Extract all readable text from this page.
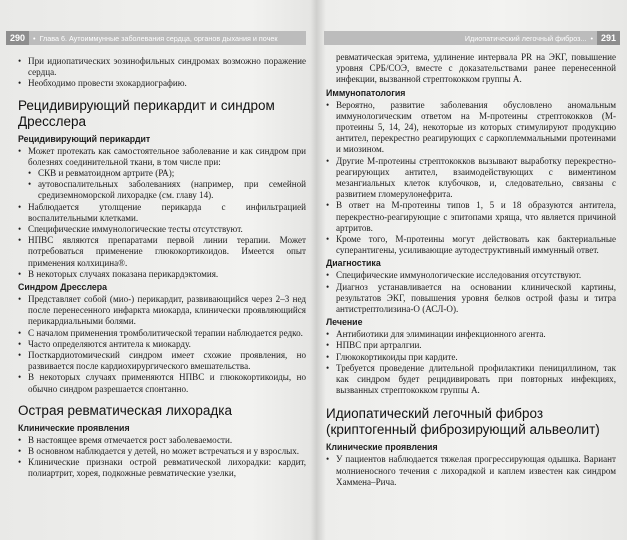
290 • Глава 6. Аутоиммунные заболевания сердца, органов дыхания и почек
• При идиопатических эозинофильных синдромах возможно поражение сердца.
• Необходимо провести эхокардиографию.
Рецидивирующий перикардит и синдром Дресслера
Рецидивирующий перикардит
• Может протекать как самостоятельное заболевание и как синдром при болезнях соединительной ткани, в том числе при:
• СКВ и ревматоидном артрите (РА);
• аутовоспалительных заболеваниях (например, при семейной средиземноморской лихорадке (см. главу 14).
• Наблюдается утолщение перикарда с инфильтрацией воспалительными клетками.
• Специфические иммунологические тесты отсутствуют.
• НПВС являются препаратами первой линии терапии. Может потребоваться применение глюкокортикоидов. Имеется опыт применения колхицина®.
• В некоторых случаях показана перикардэктомия.
Синдром Дресслера
• Представляет собой (мио-) перикардит, развивающийся через 2–3 нед после перенесенного инфаркта миокарда, клинически проявляющийся перикардиальными болями.
• С началом применения тромболитической терапии наблюдается редко.
• Часто определяются антитела к миокарду.
• Посткардиотомический синдром имеет схожие проявления, но развивается после кардиохирургического вмешательства.
• В некоторых случаях применяются НПВС и глюкокортикоиды, но обычно синдром разрешается спонтанно.
Острая ревматическая лихорадка
Клинические проявления
• В настоящее время отмечается рост заболеваемости.
• В основном наблюдается у детей, но может встречаться и у взрослых.
• Клинические признаки острой ревматической лихорадки: кардит, полиартрит, хорея, подкожные ревматические узелки,
Идиопатический легочный фиброз... • 291
ревматическая эритема, удлинение интервала PR на ЭКГ, повышение уровня СРБ/СОЭ, вместе с доказательствами ранее перенесенной инфекции, вызванной стрептококком группы А.
Иммунопатология
• Вероятно, развитие заболевания обусловлено аномальным иммунологическим ответом на М-протеины стрептококков (М-протеины 5, 14, 24), некоторые из которых стимулируют продукцию антител, перекрестно реагирующих с саркоплеммальными протеинами и миозином.
• Другие М-протеины стрептококков вызывают выработку перекрестно-реагирующих антител, взаимодействующих с виментином мезангиальных клеток клубочков, и, следовательно, связаны с развитием гломерулонефрита.
• В ответ на М-протеины типов 1, 5 и 18 образуются антитела, перекрестно-реагирующие с эпитопами хряща, что является причиной артритов.
• Кроме того, М-протеины могут действовать как бактериальные суперантигены, усиливающие аутодеструктивный иммунный ответ.
Диагностика
• Специфические иммунологические исследования отсутствуют.
• Диагноз устанавливается на основании клинической картины, результатов ЭКГ, повышения уровня белков острой фазы и титра антистрептолизина-О (АСЛ-О).
Лечение
• Антибиотики для элиминации инфекционного агента.
• НПВС при артралгии.
• Глюкокортикоиды при кардите.
• Требуется проведение длительной профилактики пенициллином, так как синдром будет рецидивировать при повторных инфекциях, вызванных стрептококком группы А.
Идиопатический легочный фиброз (криптогенный фиброзирующий альвеолит)
Клинические проявления
• У пациентов наблюдается тяжелая прогрессирующая одышка. Вариант молниеносного течения с лихорадкой и каплем известен как синдром Хаммена–Рича.
